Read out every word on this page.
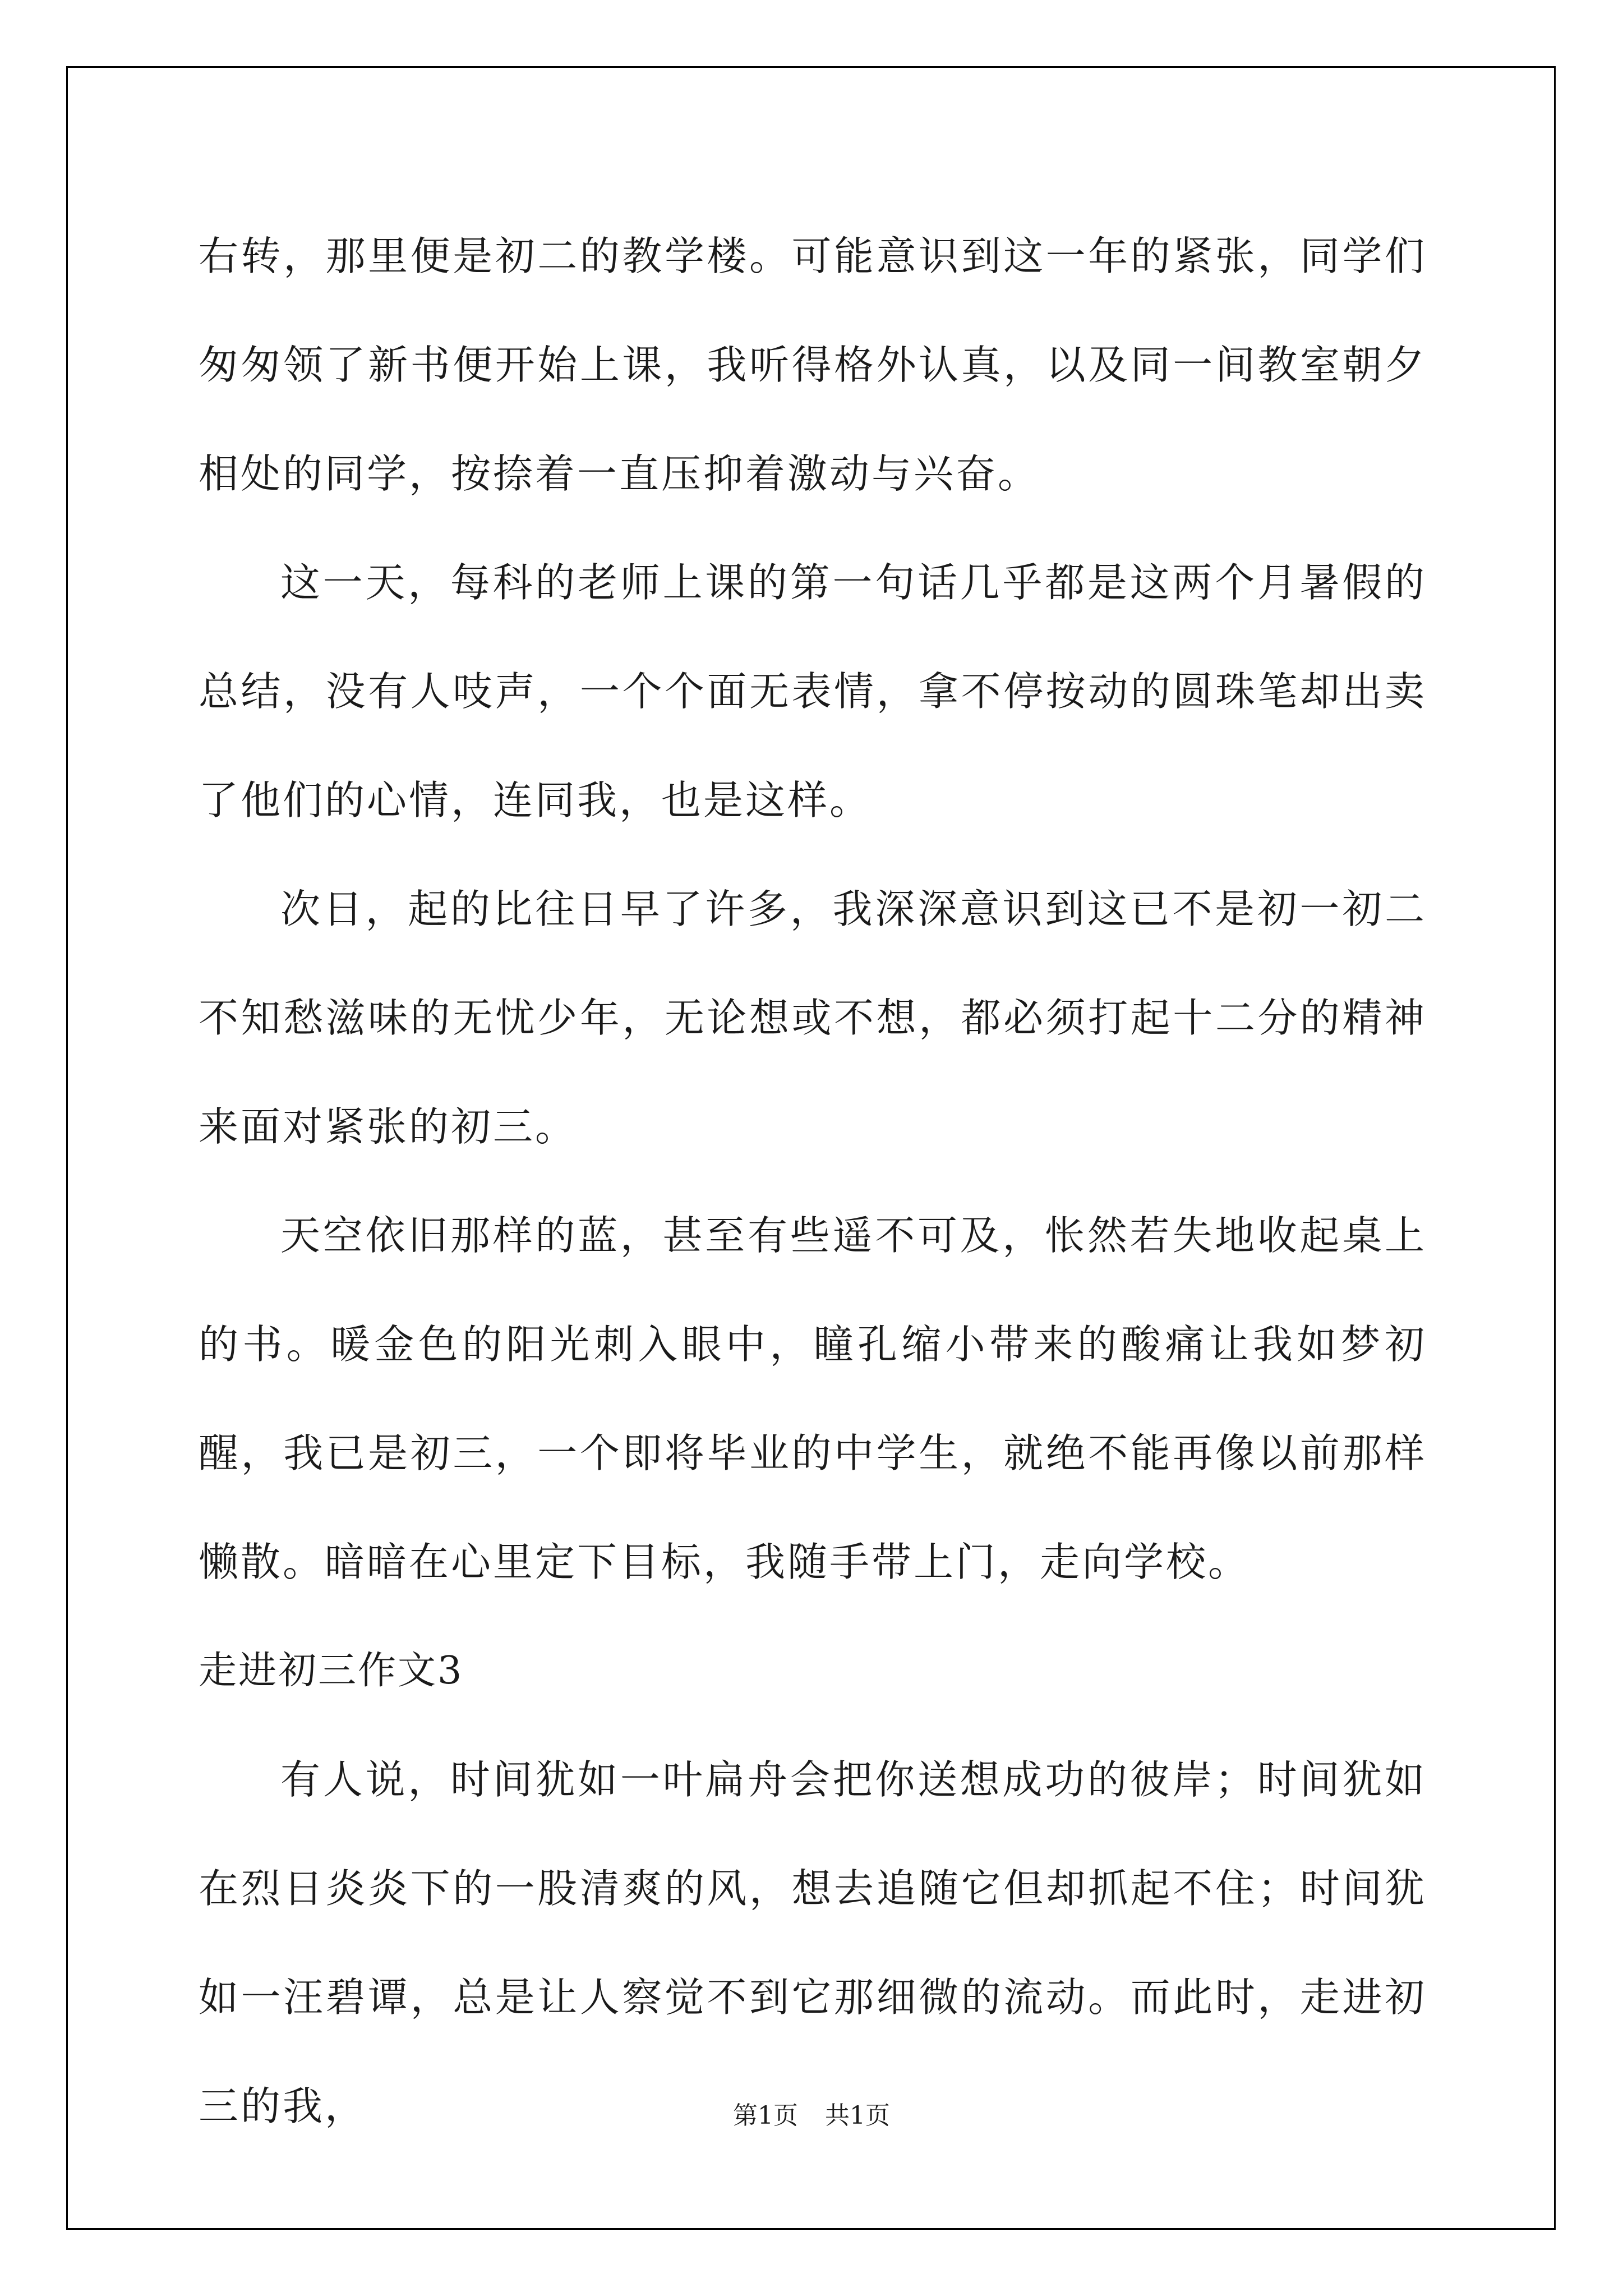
右转，那里便是初二的教学楼。可能意识到这一年的紧张，同学们匆匆领了新书便开始上课，我听得格外认真，以及同一间教室朝夕相处的同学，按捺着一直压抑着激动与兴奋。

这一天，每科的老师上课的第一句话几乎都是这两个月暑假的总结，没有人吱声，一个个面无表情，拿不停按动的圆珠笔却出卖了他们的心情，连同我，也是这样。

次日，起的比往日早了许多，我深深意识到这已不是初一初二不知愁滋味的无忧少年，无论想或不想，都必须打起十二分的精神来面对紧张的初三。

天空依旧那样的蓝，甚至有些遥不可及，怅然若失地收起桌上的书。暖金色的阳光刺入眼中，瞳孔缩小带来的酸痛让我如梦初醒，我已是初三，一个即将毕业的中学生，就绝不能再像以前那样懒散。暗暗在心里定下目标，我随手带上门，走向学校。

走进初三作文3

有人说，时间犹如一叶扁舟会把你送想成功的彼岸；时间犹如在烈日炎炎下的一股清爽的风，想去追随它但却抓起不住；时间犹如一汪碧谭，总是让人察觉不到它那细微的流动。而此时，走进初三的我，	第1页 共1页
